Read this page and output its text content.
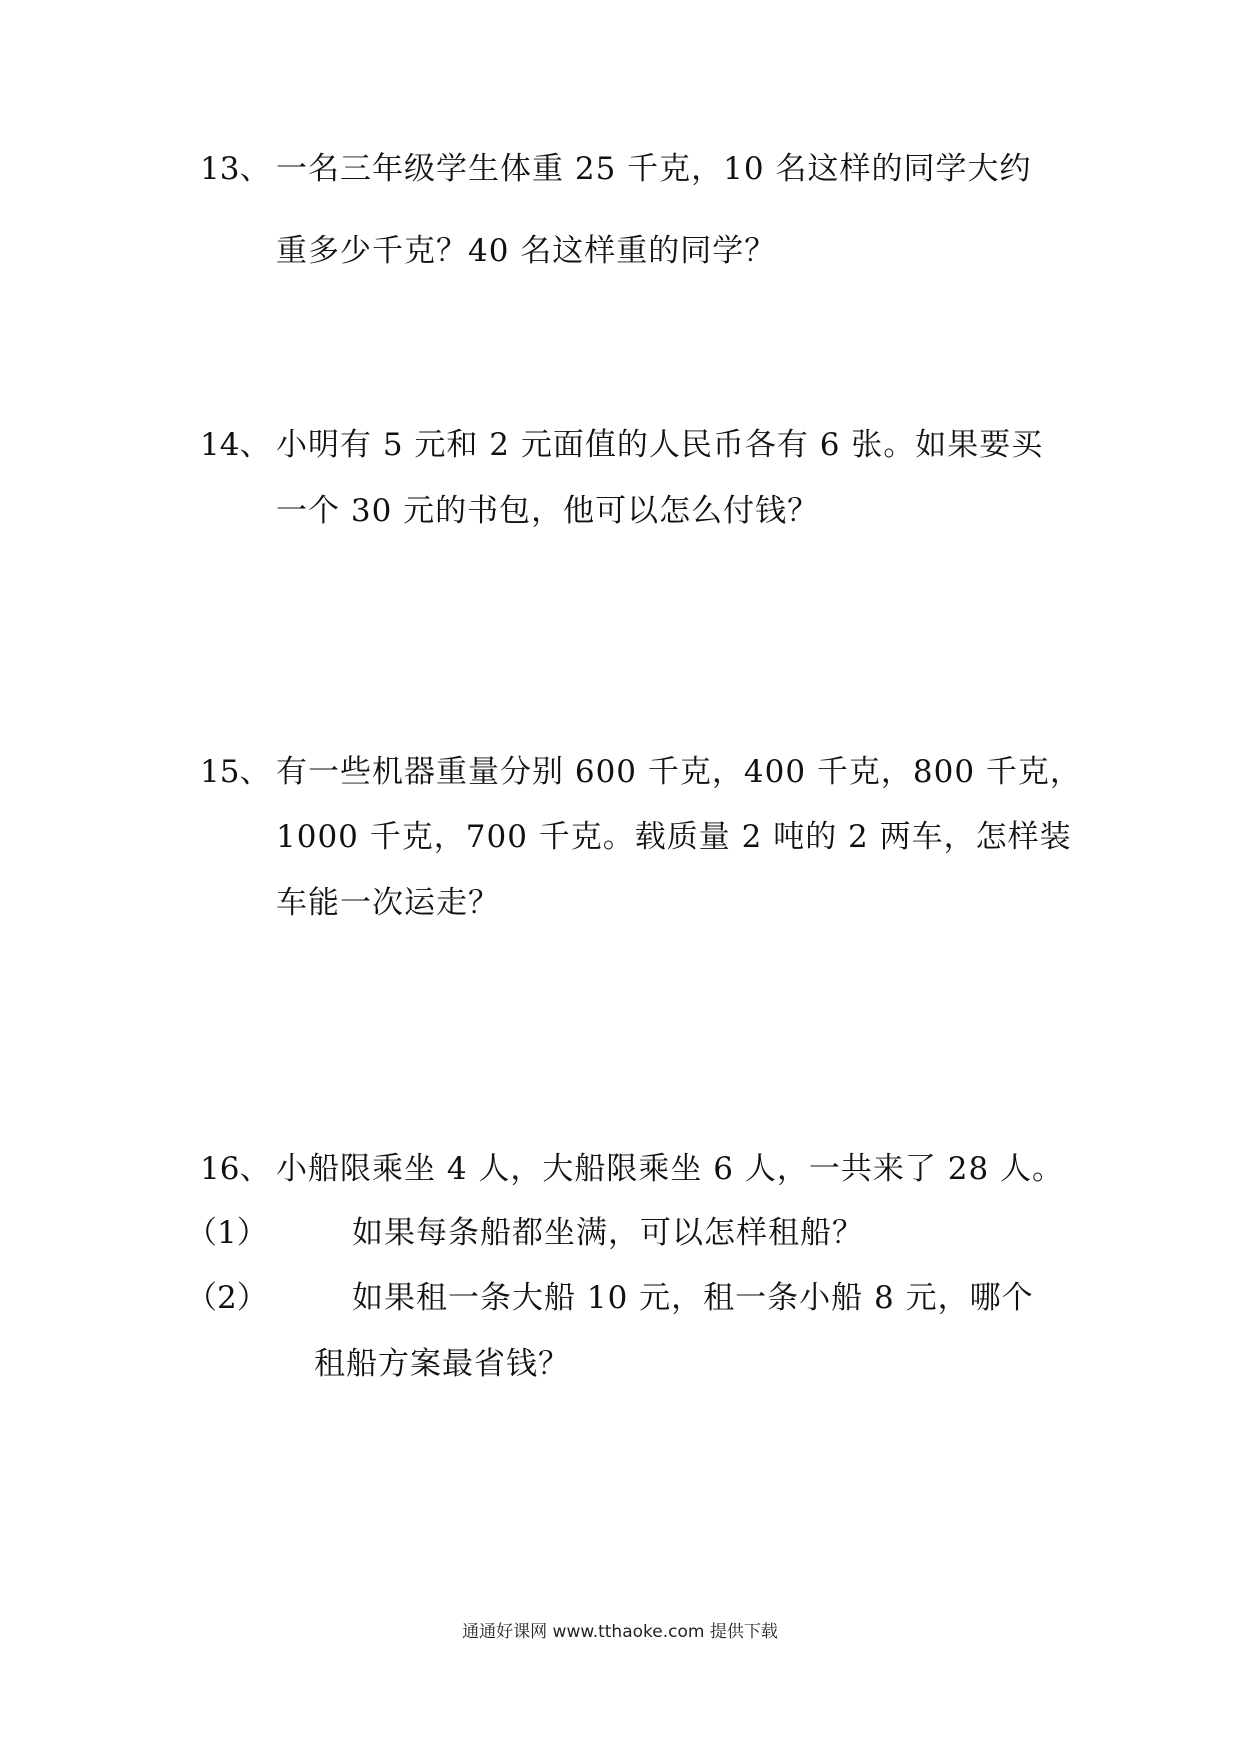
13、 一名三年级学生体重 25 千克，10 名这样的同学大约
重多少千克？40 名这样重的同学？
14、 小明有 5 元和 2 元面值的人民币各有 6 张。如果要买
一个 30 元的书包，他可以怎么付钱？
15、 有一些机器重量分别 600 千克，400 千克，800 千克，
1000 千克，700 千克。载质量 2 吨的 2 两车，怎样装
车能一次运走？
16、 小船限乘坐 4 人，大船限乘坐 6 人，一共来了 28 人。
（1）	如果每条船都坐满，可以怎样租船？
（2）	如果租一条大船 10 元，租一条小船 8 元，哪个
租船方案最省钱？
通通好课网 www.tthaoke.com 提供下载
